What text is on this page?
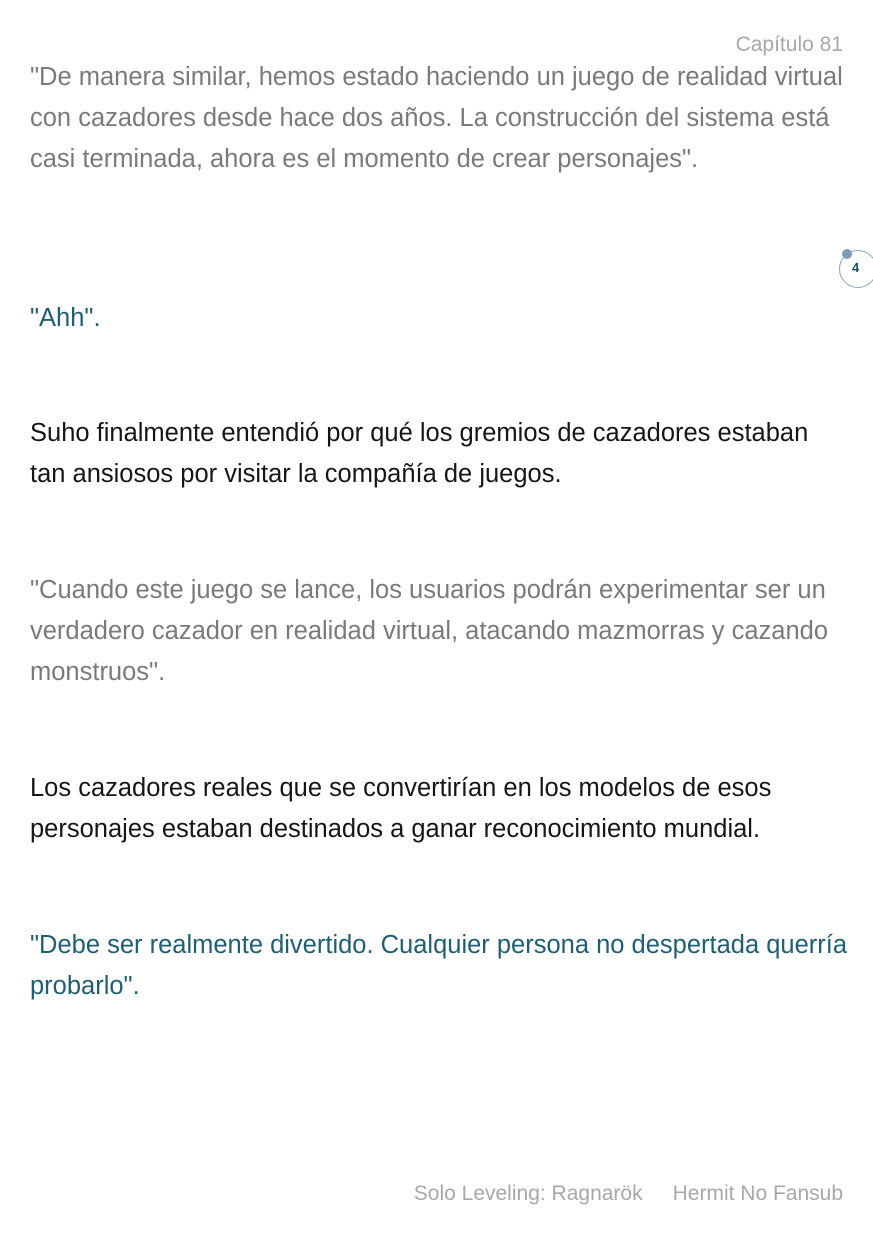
Capítulo 81

"De manera similar, hemos estado haciendo un juego de realidad virtual con cazadores desde hace dos años. La construcción del sistema está casi terminada, ahora es el momento de crear personajes".

4

"Ahh".

Suho finalmente entendió por qué los gremios de cazadores estaban tan ansiosos por visitar la compañía de juegos.

"Cuando este juego se lance, los usuarios podrán experimentar ser un verdadero cazador en realidad virtual, atacando mazmorras y cazando monstruos".

Los cazadores reales que se convertirían en los modelos de esos personajes estaban destinados a ganar reconocimiento mundial.

"Debe ser realmente divertido. Cualquier persona no despertada querría probarlo".

Solo Leveling: Ragnarök Hermit No Fansub
